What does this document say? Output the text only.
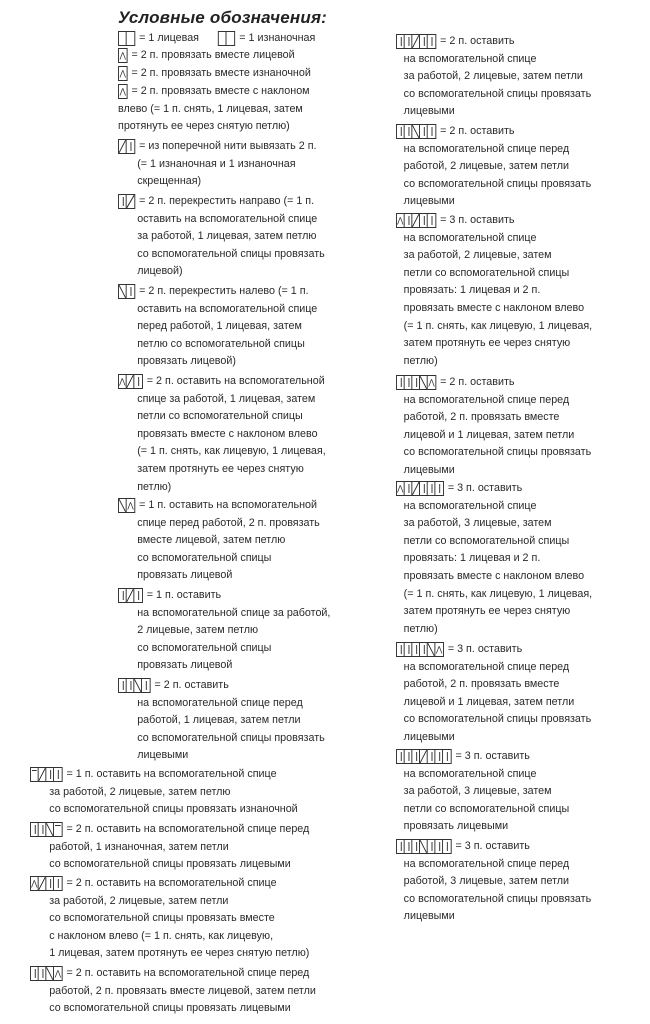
Условные обозначения:
= 1 лицевая	= 1 изнаночная
⋀ = 2 п. провязать вместе лицевой
⋀ = 2 п. провязать вместе изнаночной
⋀ = 2 п. провязать вместе с наклоном
влево (= 1 п. снять, 1 лицевая, затем
протянуть ее через снятую петлю)
= из поперечной нити вывязать 2 п.
(= 1 изнаночная и 1 изнаночная
скрещенная)
= 2 п. перекрестить направо (= 1 п.
оставить на вспомогательной спице
за работой, 1 лицевая, затем петлю
со вспомогательной спицы провязать
лицевой)
= 2 п. перекрестить налево (= 1 п.
оставить на вспомогательной спице
перед работой, 1 лицевая, затем
петлю со вспомогательной спицы
провязать лицевой)
⋀ = 2 п. оставить на вспомогательной
спице за работой, 1 лицевая, затем
петли со вспомогательной спицы
провязать вместе с наклоном влево
(= 1 п. снять, как лицевую, 1 лицевая,
затем протянуть ее через снятую
петлю)
⋀ = 1 п. оставить на вспомогательной
спице перед работой, 2 п. провязать
вместе лицевой, затем петлю
со вспомогательной спицы
провязать лицевой
= 1 п. оставить
на вспомогательной спице за работой,
2 лицевые, затем петлю
со вспомогательной спицы
провязать лицевой
= 2 п. оставить
на вспомогательной спице перед
работой, 1 лицевая, затем петли
со вспомогательной спицы провязать
лицевыми
= 1 п. оставить на вспомогательной спице
за работой, 2 лицевые, затем петлю
со вспомогательной спицы провязать изнаночной
= 2 п. оставить на вспомогательной спице перед
работой, 1 изнаночная, затем петли
со вспомогательной спицы провязать лицевыми
⋀	= 2 п. оставить на вспомогательной спице
за работой, 2 лицевые, затем петли
со вспомогательной спицы провязать вместе
с наклоном влево (= 1 п. снять, как лицевую,
1 лицевая, затем протянуть ее через снятую петлю)
⋀ = 2 п. оставить на вспомогательной спице перед
работой, 2 п. провязать вместе лицевой, затем петли
со вспомогательной спицы провязать лицевыми
= 2 п. оставить
на вспомогательной спице
за работой, 2 лицевые, затем петли
со вспомогательной спицы провязать
лицевыми
= 2 п. оставить
на вспомогательной спице перед
работой, 2 лицевые, затем петли
со вспомогательной спицы провязать
лицевыми
⋀	= 3 п. оставить
на вспомогательной спице
за работой, 2 лицевые, затем
петли со вспомогательной спицы
провязать: 1 лицевая и 2 п.
провязать вместе с наклоном влево
(= 1 п. снять, как лицевую, 1 лицевая,
затем протянуть ее через снятую
петлю)
⋀ = 2 п. оставить
на вспомогательной спице перед
работой, 2 п. провязать вместе
лицевой и 1 лицевая, затем петли
со вспомогательной спицы провязать
лицевыми
⋀	= 3 п. оставить
на вспомогательной спице
за работой, 3 лицевые, затем
петли со вспомогательной спицы
провязать: 1 лицевая и 2 п.
провязать вместе с наклоном влево
(= 1 п. снять, как лицевую, 1 лицевая,
затем протянуть ее через снятую
петлю)
⋀ = 3 п. оставить
на вспомогательной спице перед
работой, 2 п. провязать вместе
лицевой и 1 лицевая, затем петли
со вспомогательной спицы провязать
лицевыми
= 3 п. оставить
на вспомогательной спице
за работой, 3 лицевые, затем
петли со вспомогательной спицы
провязать лицевыми
= 3 п. оставить
на вспомогательной спице перед
работой, 3 лицевые, затем петли
со вспомогательной спицы провязать
лицевыми
